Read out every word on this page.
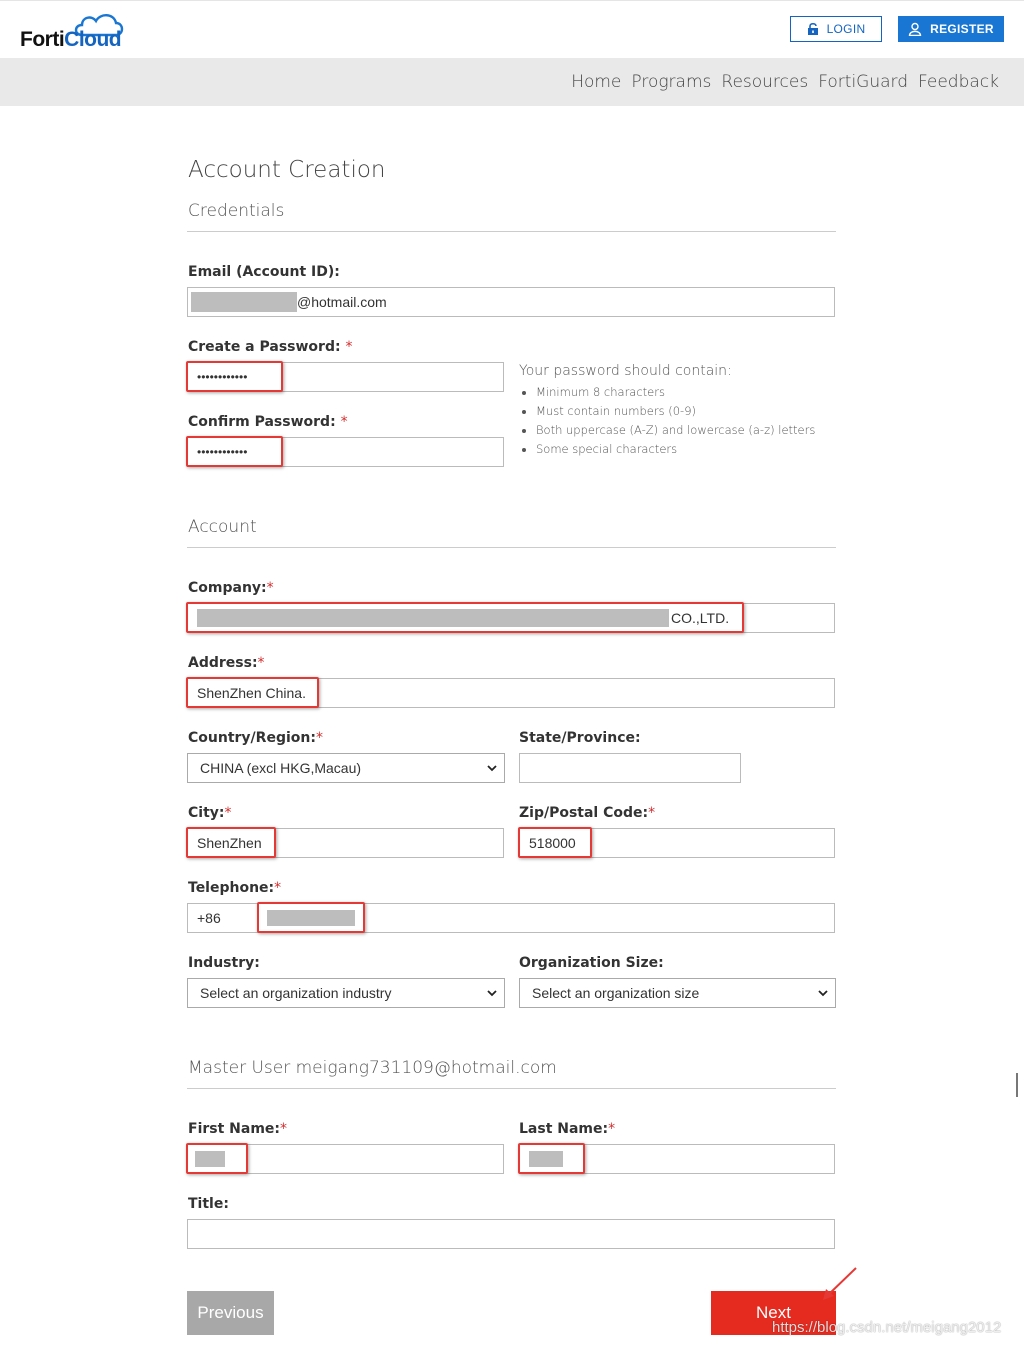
FortiCloud	LOGIN	REGISTER
Home Programs Resources FortiGuard Feedback
Account Creation
Credentials
Email (Account ID):
@hotmail.com
Create a Password: *
••••••••••••
Confirm Password: *
••••••••••••
Your password should contain:
• Minimum 8 characters
• Must contain numbers (0-9)
• Both uppercase (A-Z) and lowercase (a-z) letters
• Some special characters
Account
Company:*
CO.,LTD.
Address:*
ShenZhen China.
Country/Region:*
CHINA (excl HKG,Macau)
State/Province:
City:*
ShenZhen
Zip/Postal Code:*
518000
Telephone:*
+86
Industry:
Select an organization industry
Organization Size:
Select an organization size
Master User meigang731109@hotmail.com
First Name:*	Last Name:*
Title:
Previous	Next
https://blog.csdn.net/meigang2012
